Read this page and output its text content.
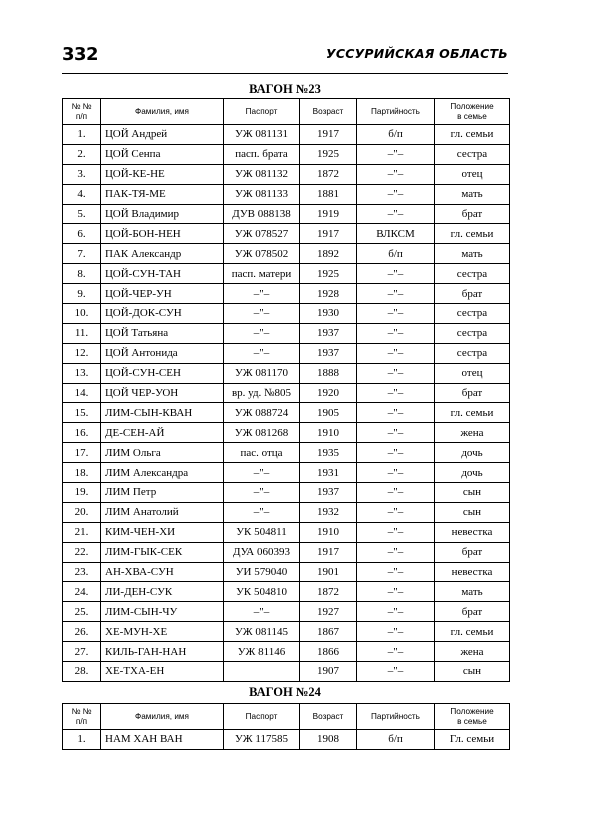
332	УССУРИЙСКАЯ ОБЛАСТЬ
ВАГОН №23
№ №
п/п	Фамилия, имя	Паспорт	Возраст	Партийность	Положение
в семье
1.	ЦОЙ Андрей	УЖ 081131	1917	б/п	гл. семьи
2.	ЦОЙ Сенпа	пасп. брата	1925	–"–	сестра
3.	ЦОЙ-КЕ-НЕ	УЖ 081132	1872	–"–	отец
4.	ПАК-ТЯ-МЕ	УЖ 081133	1881	–"–	мать
5.	ЦОЙ Владимир	ДУВ 088138	1919	–"–	брат
6.	ЦОЙ-БОН-НЕН	УЖ 078527	1917	ВЛКСМ	гл. семьи
7.	ПАК Александр	УЖ 078502	1892	б/п	мать
8.	ЦОЙ-СУН-ТАН	пасп. матери	1925	–"–	сестра
9.	ЦОЙ-ЧЕР-УН	–"–	1928	–"–	брат
10.	ЦОЙ-ДОК-СУН	–"–	1930	–"–	сестра
11.	ЦОЙ Татьяна	–"–	1937	–"–	сестра
12.	ЦОЙ Антонида	–"–	1937	–"–	сестра
13.	ЦОЙ-СУН-СЕН	УЖ 081170	1888	–"–	отец
14.	ЦОЙ ЧЕР-УОН	вр. уд. №805	1920	–"–	брат
15.	ЛИМ-СЫН-КВАН	УЖ 088724	1905	–"–	гл. семьи
16.	ДЕ-СЕН-АЙ	УЖ 081268	1910	–"–	жена
17.	ЛИМ Ольга	пас. отца	1935	–"–	дочь
18.	ЛИМ Александра	–"–	1931	–"–	дочь
19.	ЛИМ Петр	–"–	1937	–"–	сын
20.	ЛИМ Анатолий	–"–	1932	–"–	сын
21.	КИМ-ЧЕН-ХИ	УК 504811	1910	–"–	невестка
22.	ЛИМ-ГЫК-СЕК	ДУА 060393	1917	–"–	брат
23.	АН-ХВА-СУН	УИ 579040	1901	–"–	невестка
24.	ЛИ-ДЕН-СУК	УК 504810	1872	–"–	мать
25.	ЛИМ-СЫН-ЧУ	–"–	1927	–"–	брат
26.	ХЕ-МУН-ХЕ	УЖ 081145	1867	–"–	гл. семьи
27.	КИЛЬ-ГАН-НАН	УЖ 81146	1866	–"–	жена
28.	ХЕ-ТХА-ЕН		1907	–"–	сын
ВАГОН №24
№ №
п/п	Фамилия, имя	Паспорт	Возраст	Партийность	Положение
в семье
1.	НАМ ХАН ВАН	УЖ 117585	1908	б/п	Гл. семьи
